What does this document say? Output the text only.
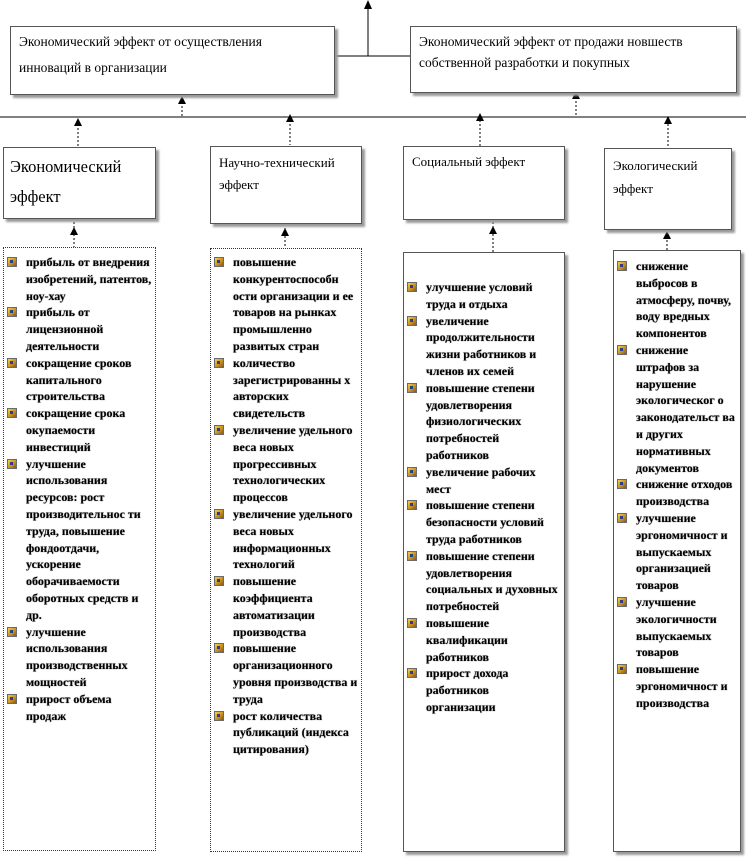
Экономический эффект от осуществления инноваций в организации
Экономический эффект от продажи новшеств собственной разработки и покупных
Экономический эффект
Научно-технический эффект
Социальный эффект	Экологический эффект
прибыль от внедрения изобретений, патентов, ноу-хау
прибыль от лицензионной деятельности
сокращение сроков капитального строительства
сокращение срока окупаемости инвестиций
улучшение использования ресурсов: рост производительнос ти труда, повышение фондоотдачи, ускорение оборачиваемости оборотных средств и др.
улучшение использования производственных мощностей
прирост объема продаж
повышение конкурентоспособн ости организации и ее товаров на рынках промышленно развитых стран
количество зарегистрированны х авторских свидетельств
увеличение удельного веса новых прогрессивных технологических процессов
увеличение удельного веса новых информационных технологий
повышение коэффициента автоматизации производства
повышение организационного уровня производства и труда
рост количества публикаций (индекса цитирования)
улучшение условий труда и отдыха
увеличение продолжительности жизни работников и членов их семей
повышение степени удовлетворения физиологических потребностей работников
увеличение рабочих мест
повышение степени безопасности условий труда работников
повышение степени удовлетворения социальных и духовных потребностей
повышение квалификации работников
прирост дохода работников организации
снижение выбросов в атмосферу, почву, воду вредных компонентов
снижение штрафов за нарушение экологическог о законодательст ва и других нормативных документов
снижение отходов производства
улучшение эргономичност и выпускаемых организацией товаров
улучшение экологичности выпускаемых товаров
повышение эргономичност и производства
